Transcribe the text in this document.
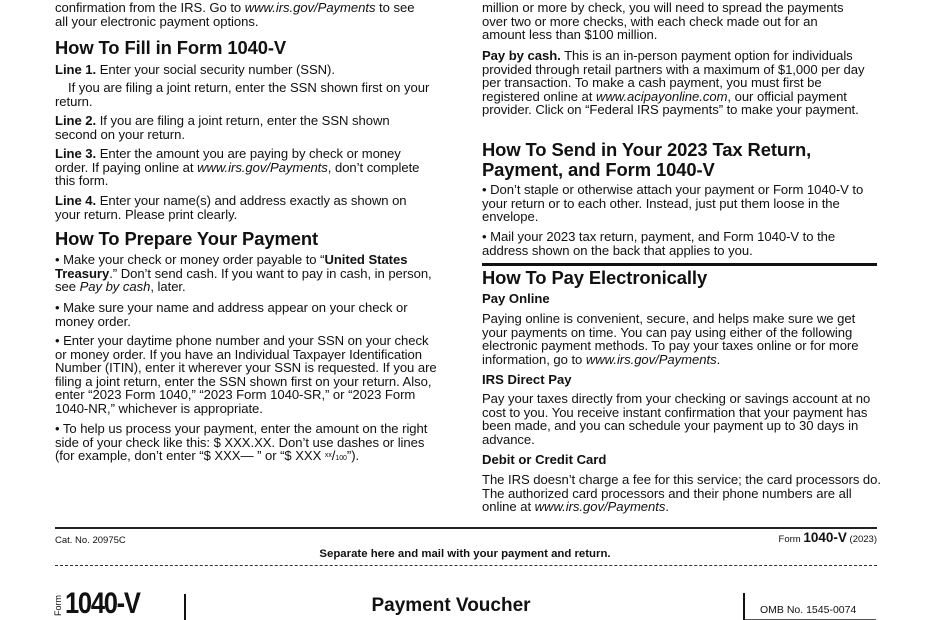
confirmation from the IRS. Go to www.irs.gov/Payments to see
all your electronic payment options.
How To Fill in Form 1040-V
Line 1. Enter your social security number (SSN).
If you are filing a joint return, enter the SSN shown first on your return.
Line 2. If you are filing a joint return, enter the SSN shown second on your return.
Line 3. Enter the amount you are paying by check or money order. If paying online at www.irs.gov/Payments, don’t complete this form.
Line 4. Enter your name(s) and address exactly as shown on your return. Please print clearly.
How To Prepare Your Payment
• Make your check or money order payable to “United States Treasury.” Don’t send cash. If you want to pay in cash, in person, see Pay by cash, later.
• Make sure your name and address appear on your check or money order.
• Enter your daytime phone number and your SSN on your check or money order. If you have an Individual Taxpayer Identification Number (ITIN), enter it wherever your SSN is requested. If you are filing a joint return, enter the SSN shown first on your return. Also, enter “2023 Form 1040,” “2023 Form 1040-SR,” or “2023 Form 1040-NR,” whichever is appropriate.
• To help us process your payment, enter the amount on the right side of your check like this: $ XXX.XX. Don’t use dashes or lines (for example, don’t enter “$ XXX— ” or “$ XXX $^{xx}$/100”).
million or more by check, you will need to spread the payments
over two or more checks, with each check made out for an
amount less than $100 million.
Pay by cash. This is an in-person payment option for individuals provided through retail partners with a maximum of $1,000 per day per transaction. To make a cash payment, you must first be registered online at www.acipayonline.com, our official payment provider. Click on “Federal IRS payments” to make your payment.
How To Send in Your 2023 Tax Return,
Payment, and Form 1040-V
• Don’t staple or otherwise attach your payment or Form 1040-V to your return or to each other. Instead, just put them loose in the envelope.
• Mail your 2023 tax return, payment, and Form 1040-V to the address shown on the back that applies to you.
How To Pay Electronically
Pay Online
Paying online is convenient, secure, and helps make sure we get your payments on time. You can pay using either of the following electronic payment methods. To pay your taxes online or for more information, go to www.irs.gov/Payments.
IRS Direct Pay
Pay your taxes directly from your checking or savings account at no cost to you. You receive instant confirmation that your payment has been made, and you can schedule your payment up to 30 days in advance.
Debit or Credit Card
The IRS doesn’t charge a fee for this service; the card processors do. The authorized card processors and their phone numbers are all online at www.irs.gov/Payments.
Cat. No. 20975C	Form 1040-V (2023)
Separate here and mail with your payment and return.
Form 1040-V	Payment Voucher	OMB No. 1545-0074
